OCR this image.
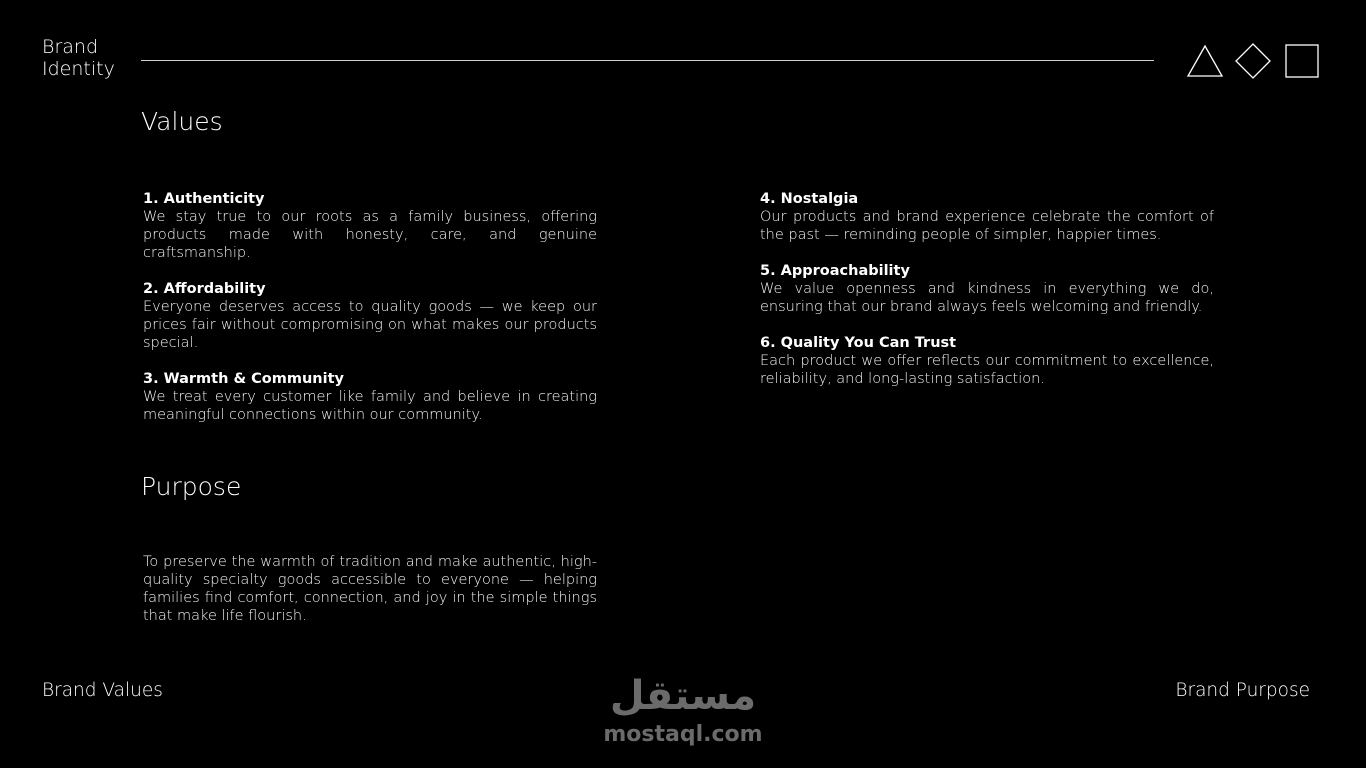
Brand
Identity
Values
1. Authenticity
We stay true to our roots as a family business, offering products made with honesty, care, and genuine craftsmanship.
2. Affordability
Everyone deserves access to quality goods — we keep our prices fair without compromising on what makes our products special.
3. Warmth & Community
We treat every customer like family and believe in creating meaningful connections within our community.
4. Nostalgia
Our products and brand experience celebrate the comfort of the past — reminding people of simpler, happier times.
5. Approachability
We value openness and kindness in everything we do, ensuring that our brand always feels welcoming and friendly.
6. Quality You Can Trust
Each product we offer reflects our commitment to excellence, reliability, and long-lasting satisfaction.
Purpose
To preserve the warmth of tradition and make authentic, high-quality specialty goods accessible to everyone — helping families find comfort, connection, and joy in the simple things that make life flourish.
Brand Values	Brand Purpose
مستقل
mostaql.com
